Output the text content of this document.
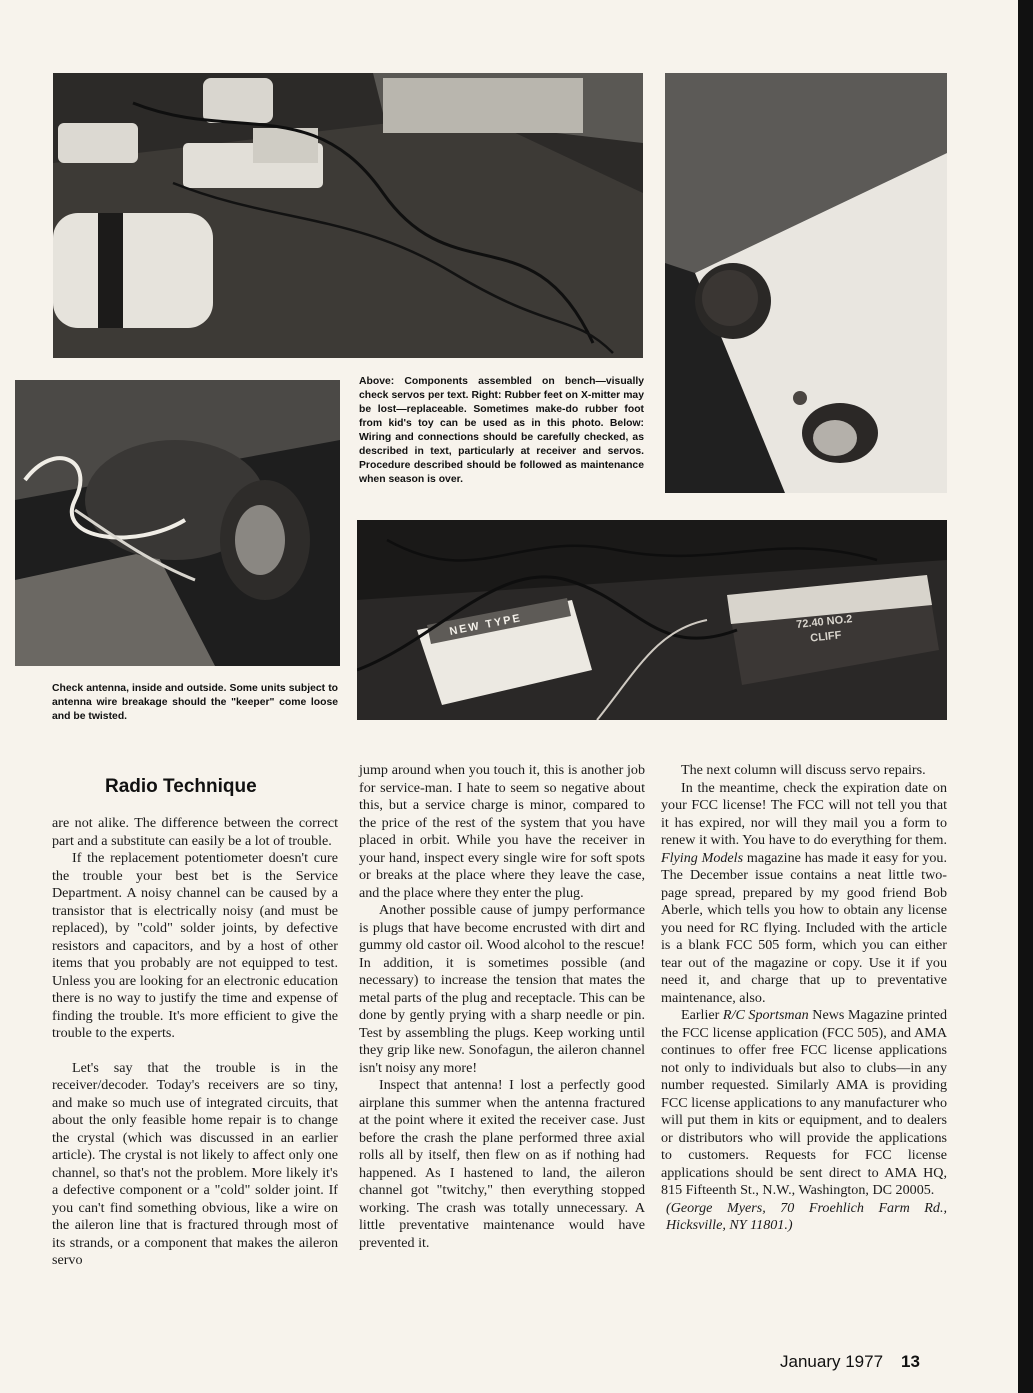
NEW TYPE	72.40 NO.2
CLIFF

Above: Components assembled on bench—visually check servos per text. Right: Rubber feet on X-mitter may be lost—replaceable. Sometimes make-do rubber foot from kid's toy can be used as in this photo. Below: Wiring and connections should be carefully checked, as described in text, particularly at receiver and servos. Procedure described should be followed as maintenance when season is over.

Check antenna, inside and outside. Some units subject to antenna wire breakage should the "keeper" come loose and be twisted.

Radio Technique

are not alike. The difference between the correct part and a substitute can easily be a lot of trouble.

If the replacement potentiometer doesn't cure the trouble your best bet is the Service Department. A noisy channel can be caused by a transistor that is electrically noisy (and must be replaced), by "cold" solder joints, by defective resistors and capacitors, and by a host of other items that you probably are not equipped to test. Unless you are looking for an electronic education there is no way to justify the time and expense of finding the trouble. It's more efficient to give the trouble to the experts.

Let's say that the trouble is in the receiver/decoder. Today's receivers are so tiny, and make so much use of integrated circuits, that about the only feasible home repair is to change the crystal (which was discussed in an earlier article). The crystal is not likely to affect only one channel, so that's not the problem. More likely it's a defective component or a "cold" solder joint. If you can't find something obvious, like a wire on the aileron line that is fractured through most of its strands, or a component that makes the aileron servo

jump around when you touch it, this is another job for service-man. I hate to seem so negative about this, but a service charge is minor, compared to the price of the rest of the system that you have placed in orbit. While you have the receiver in your hand, inspect every single wire for soft spots or breaks at the place where they leave the case, and the place where they enter the plug.

Another possible cause of jumpy performance is plugs that have become encrusted with dirt and gummy old castor oil. Wood alcohol to the rescue! In addition, it is sometimes possible (and necessary) to increase the tension that mates the metal parts of the plug and receptacle. This can be done by gently prying with a sharp needle or pin. Test by assembling the plugs. Keep working until they grip like new. Sonofagun, the aileron channel isn't noisy any more!

Inspect that antenna! I lost a perfectly good airplane this summer when the antenna fractured at the point where it exited the receiver case. Just before the crash the plane performed three axial rolls all by itself, then flew on as if nothing had happened. As I hastened to land, the aileron channel got "twitchy," then everything stopped working. The crash was totally unnecessary. A little preventative maintenance would have prevented it.

The next column will discuss servo repairs.

In the meantime, check the expiration date on your FCC license! The FCC will not tell you that it has expired, nor will they mail you a form to renew it with. You have to do everything for them. Flying Models magazine has made it easy for you. The December issue contains a neat little two-page spread, prepared by my good friend Bob Aberle, which tells you how to obtain any license you need for RC flying. Included with the article is a blank FCC 505 form, which you can either tear out of the magazine or copy. Use it if you need it, and charge that up to preventative maintenance, also.

Earlier R/C Sportsman News Magazine printed the FCC license application (FCC 505), and AMA continues to offer free FCC license applications not only to individuals but also to clubs—in any number requested. Similarly AMA is providing FCC license applications to any manufacturer who will put them in kits or equipment, and to dealers or distributors who will provide the applications to customers. Requests for FCC license applications should be sent direct to AMA HQ, 815 Fifteenth St., N.W., Washington, DC 20005.

(George Myers, 70 Froehlich Farm Rd., Hicksville, NY 11801.)

January 1977 13
